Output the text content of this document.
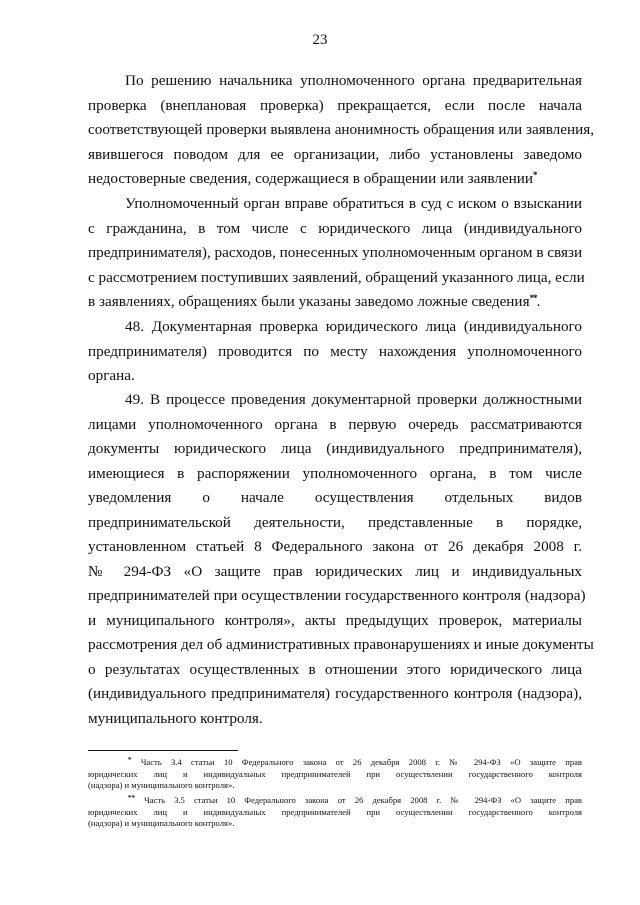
23
По решению начальника уполномоченного органа предварительная
проверка (внеплановая проверка) прекращается, если после начала
соответствующей проверки выявлена анонимность обращения или заявления,
явившегося поводом для ее организации, либо установлены заведомо
недостоверные сведения, содержащиеся в обращении или заявлении*
Уполномоченный орган вправе обратиться в суд с иском о взыскании
с гражданина, в том числе с юридического лица (индивидуального
предпринимателя), расходов, понесенных уполномоченным органом в связи
с рассмотрением поступивших заявлений, обращений указанного лица, если
в заявлениях, обращениях были указаны заведомо ложные сведения**.
48. Документарная проверка юридического лица (индивидуального
предпринимателя) проводится по месту нахождения уполномоченного
органа.
49. В процессе проведения документарной проверки должностными
лицами уполномоченного органа в первую очередь рассматриваются
документы юридического лица (индивидуального предпринимателя),
имеющиеся в распоряжении уполномоченного органа, в том числе
уведомления о начале осуществления отдельных видов
предпринимательской деятельности, представленные в порядке,
установленном статьей 8 Федерального закона от 26 декабря 2008 г.
№ 294-ФЗ «О защите прав юридических лиц и индивидуальных
предпринимателей при осуществлении государственного контроля (надзора)
и муниципального контроля», акты предыдущих проверок, материалы
рассмотрения дел об административных правонарушениях и иные документы
о результатах осуществленных в отношении этого юридического лица
(индивидуального предпринимателя) государственного контроля (надзора),
муниципального контроля.
* Часть 3.4 статьи 10 Федерального закона от 26 декабря 2008 г. № 294-ФЗ «О защите прав
юридических лиц и индивидуальных предпринимателей при осуществлении государственного контроля
(надзора) и муниципального контроля».
** Часть 3.5 статьи 10 Федерального закона от 26 декабря 2008 г. № 294-ФЗ «О защите прав
юридических лиц и индивидуальных предпринимателей при осуществлении государственного контроля
(надзора) и муниципального контроля».
